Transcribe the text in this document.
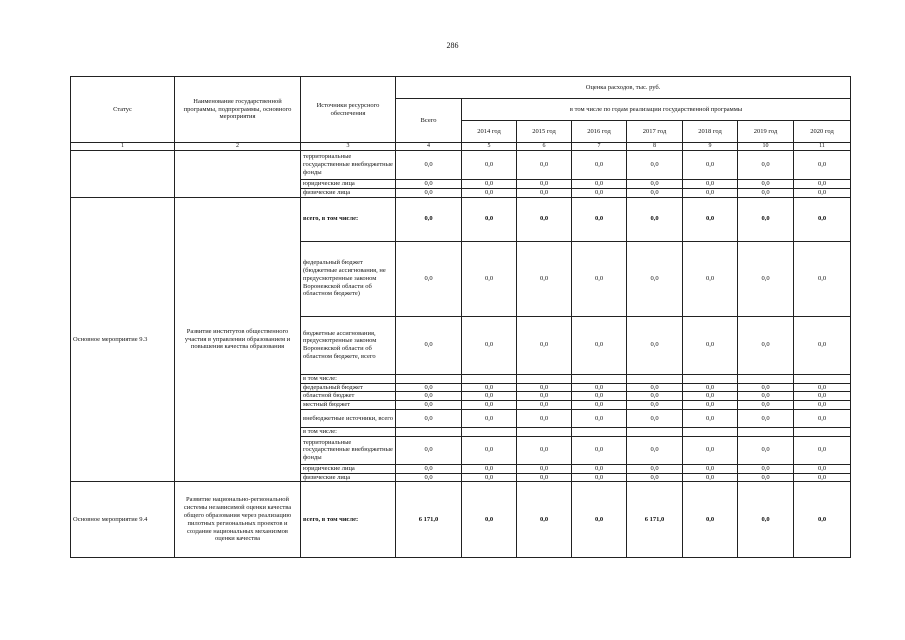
286
Статус	Наименование государственной программы, подпрограммы, основного мероприятия	Источники ресурсного обеспечения	Оценка расходов, тыс. руб.							
			Всего	в том числе по годам реализации государственной программы						
				2014 год	2015 год	2016 год	2017 год	2018 год	2019 год	2020 год
1	2	3	4	5	6	7	8	9	10	11
		территориальные государственные внебюджетные фонды	0,0	0,0	0,0	0,0	0,0	0,0	0,0	0,0
		юридические лица	0,0	0,0	0,0	0,0	0,0	0,0	0,0	0,0
		физические лица	0,0	0,0	0,0	0,0	0,0	0,0	0,0	0,0
Основное мероприятие 9.3	Развитие институтов общественного участия в управлении образованием и повышения качества образования	всего, в том числе:	0,0	0,0	0,0	0,0	0,0	0,0	0,0	0,0
		федеральный бюджет (бюджетные ассигнования, не предусмотренные законом Воронежской области об областном бюджете)	0,0	0,0	0,0	0,0	0,0	0,0	0,0	0,0
		бюджетные ассигнования, предусмотренные законом Воронежской области об областном бюджете, всего	0,0	0,0	0,0	0,0	0,0	0,0	0,0	0,0
		в том числе:								
		федеральный бюджет	0,0	0,0	0,0	0,0	0,0	0,0	0,0	0,0
		областной бюджет	0,0	0,0	0,0	0,0	0,0	0,0	0,0	0,0
		местный бюджет	0,0	0,0	0,0	0,0	0,0	0,0	0,0	0,0
		внебюджетные источники, всего	0,0	0,0	0,0	0,0	0,0	0,0	0,0	0,0
		в том числе:								
		территориальные государственные внебюджетные фонды	0,0	0,0	0,0	0,0	0,0	0,0	0,0	0,0
		юридические лица	0,0	0,0	0,0	0,0	0,0	0,0	0,0	0,0
		физические лица	0,0	0,0	0,0	0,0	0,0	0,0	0,0	0,0
Основное мероприятие 9.4	Развитие национально-региональной системы независимой оценки качества общего образования через реализацию пилотных региональных проектов и создание национальных механизмов оценки качества	всего, в том числе:	6 171,0	0,0	0,0	0,0	6 171,0	0,0	0,0	0,0
